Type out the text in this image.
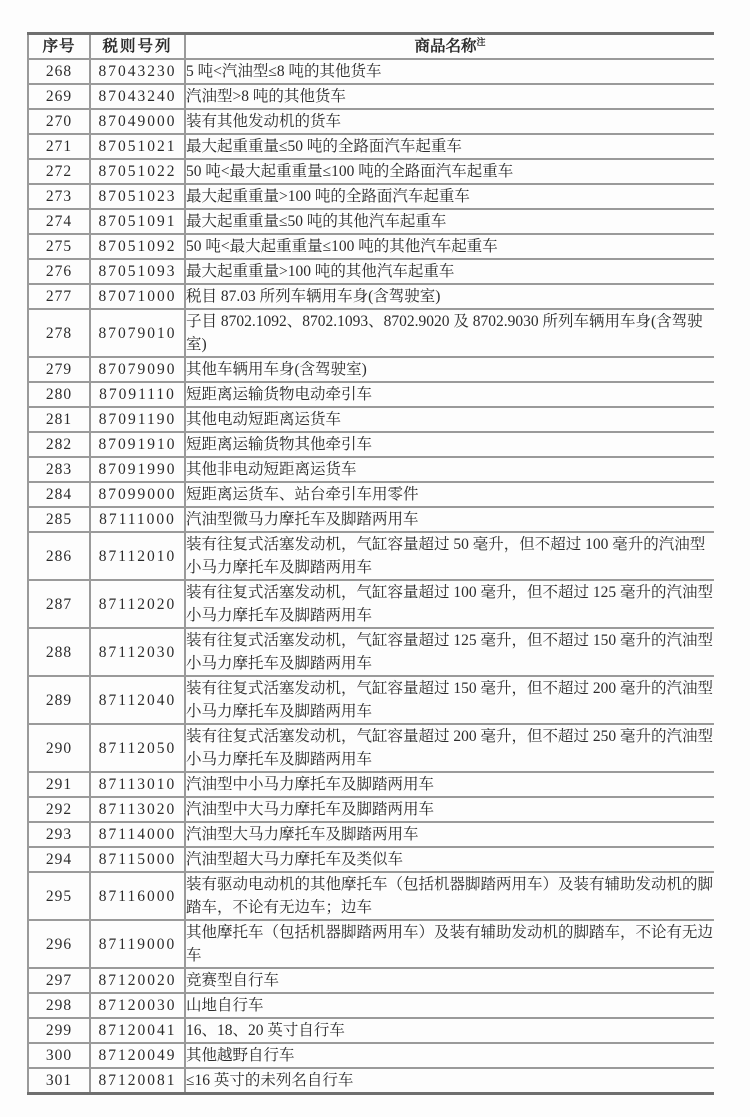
序号	税则号列	商品名称$^注$
268	87043230	5 吨<汽油型≤8 吨的其他货车
269	87043240	汽油型>8 吨的其他货车
270	87049000	装有其他发动机的货车
271	87051021	最大起重重量≤50 吨的全路面汽车起重车
272	87051022	50 吨<最大起重重量≤100 吨的全路面汽车起重车
273	87051023	最大起重重量>100 吨的全路面汽车起重车
274	87051091	最大起重重量≤50 吨的其他汽车起重车
275	87051092	50 吨<最大起重重量≤100 吨的其他汽车起重车
276	87051093	最大起重重量>100 吨的其他汽车起重车
277	87071000	税目 87.03 所列车辆用车身(含驾驶室)
278	87079010	子目 8702.1092、8702.1093、8702.9020 及 8702.9030 所列车辆用车身(含驾驶室)
279	87079090	其他车辆用车身(含驾驶室)
280	87091110	短距离运输货物电动牵引车
281	87091190	其他电动短距离运货车
282	87091910	短距离运输货物其他牵引车
283	87091990	其他非电动短距离运货车
284	87099000	短距离运货车、站台牵引车用零件
285	87111000	汽油型微马力摩托车及脚踏两用车
286	87112010	装有往复式活塞发动机，气缸容量超过 50 毫升，但不超过 100 毫升的汽油型小马力摩托车及脚踏两用车
287	87112020	装有往复式活塞发动机，气缸容量超过 100 毫升，但不超过 125 毫升的汽油型小马力摩托车及脚踏两用车
288	87112030	装有往复式活塞发动机，气缸容量超过 125 毫升，但不超过 150 毫升的汽油型小马力摩托车及脚踏两用车
289	87112040	装有往复式活塞发动机，气缸容量超过 150 毫升，但不超过 200 毫升的汽油型小马力摩托车及脚踏两用车
290	87112050	装有往复式活塞发动机，气缸容量超过 200 毫升，但不超过 250 毫升的汽油型小马力摩托车及脚踏两用车
291	87113010	汽油型中小马力摩托车及脚踏两用车
292	87113020	汽油型中大马力摩托车及脚踏两用车
293	87114000	汽油型大马力摩托车及脚踏两用车
294	87115000	汽油型超大马力摩托车及类似车
295	87116000	装有驱动电动机的其他摩托车（包括机器脚踏两用车）及装有辅助发动机的脚踏车，不论有无边车；边车
296	87119000	其他摩托车（包括机器脚踏两用车）及装有辅助发动机的脚踏车，不论有无边车
297	87120020	竞赛型自行车
298	87120030	山地自行车
299	87120041	16、18、20 英寸自行车
300	87120049	其他越野自行车
301	87120081	≤16 英寸的未列名自行车
